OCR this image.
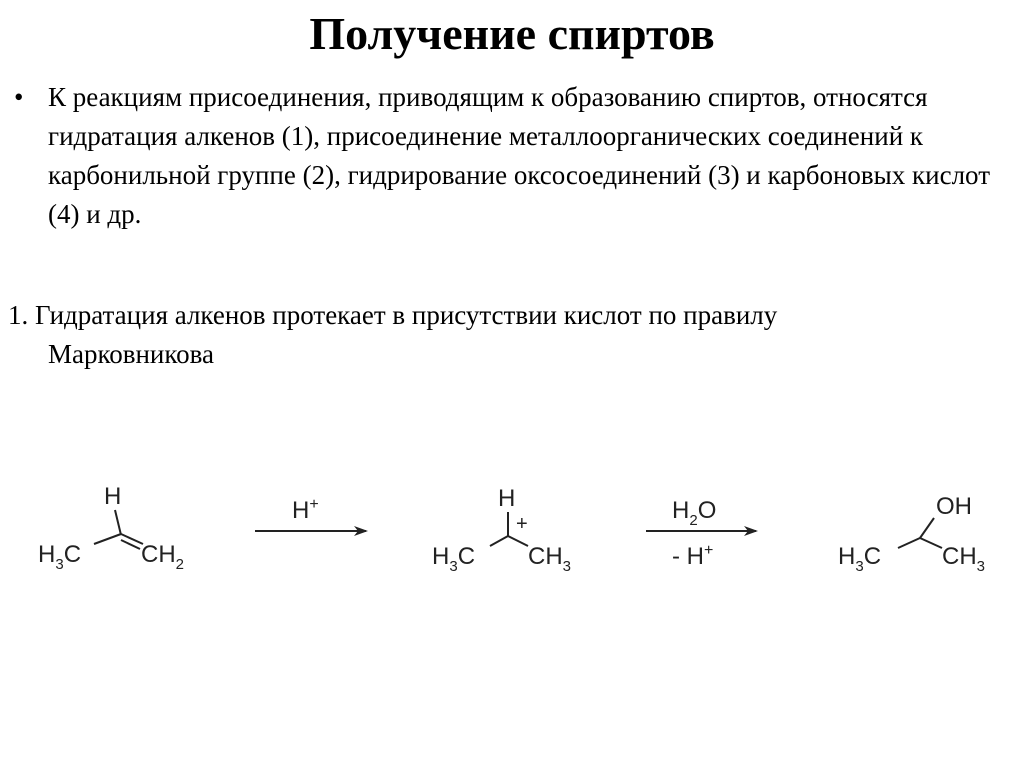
Получение спиртов
• К реакциям присоединения, приводящим к образованию спиртов, относятся гидратация алкенов (1), присоединение металлоорганических соединений к карбонильной группе (2), гидрирование оксосоединений (3) и карбоновых кислот (4) и др.
1. Гидратация алкенов протекает в присутствии кислот по правилу
Марковникова
H
$H_3C$ $CH_2$
H+	H
+
$H_3C$ $CH_3$
$H_2O$
- H+
OH
$H_3C$	$CH_3$
